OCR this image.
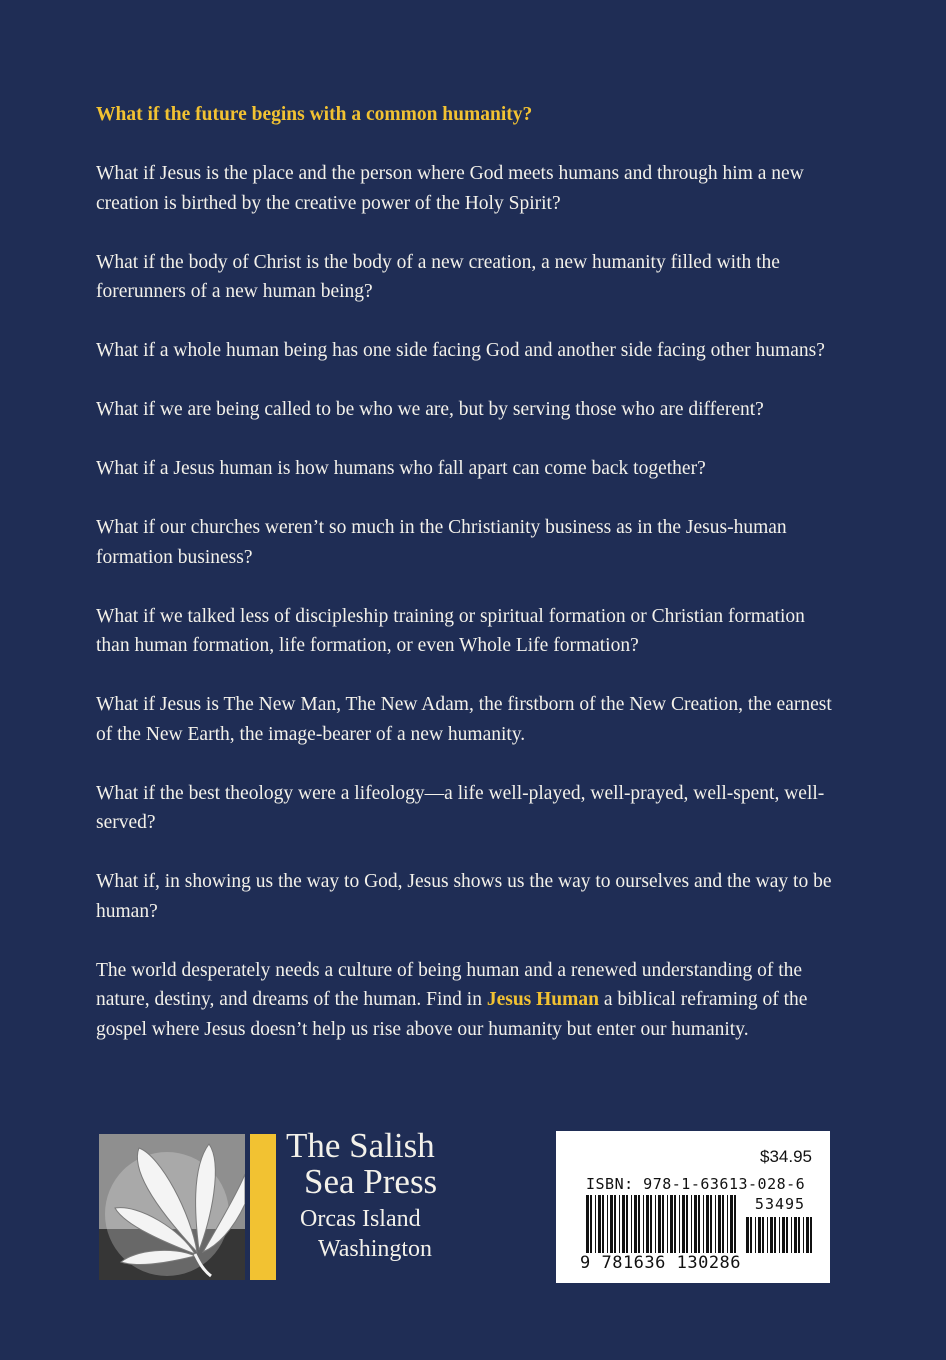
What if the future begins with a common humanity?

What if Jesus is the place and the person where God meets humans and through him a new creation is birthed by the creative power of the Holy Spirit?

What if the body of Christ is the body of a new creation, a new humanity filled with the forerunners of a new human being?

What if a whole human being has one side facing God and another side facing other humans?

What if we are being called to be who we are, but by serving those who are different?

What if a Jesus human is how humans who fall apart can come back together?

What if our churches weren’t so much in the Christianity business as in the Jesus-human formation business?

What if we talked less of discipleship training or spiritual formation or Christian formation than human formation, life formation, or even Whole Life formation?

What if Jesus is The New Man, The New Adam, the firstborn of the New Creation, the earnest of the New Earth, the image-bearer of a new humanity.

What if the best theology were a lifeology—a life well-played, well-prayed, well-spent, well-served?

What if, in showing us the way to God, Jesus shows us the way to ourselves and the way to be human?

The world desperately needs a culture of being human and a renewed understanding of the nature, destiny, and dreams of the human. Find in Jesus Human a biblical reframing of the gospel where Jesus doesn’t help us rise above our humanity but enter our humanity.

The Salish
Sea Press
Orcas Island
Washington
$34.95
ISBN: 978-1-63613-028-6
53495
9 781636 130286
